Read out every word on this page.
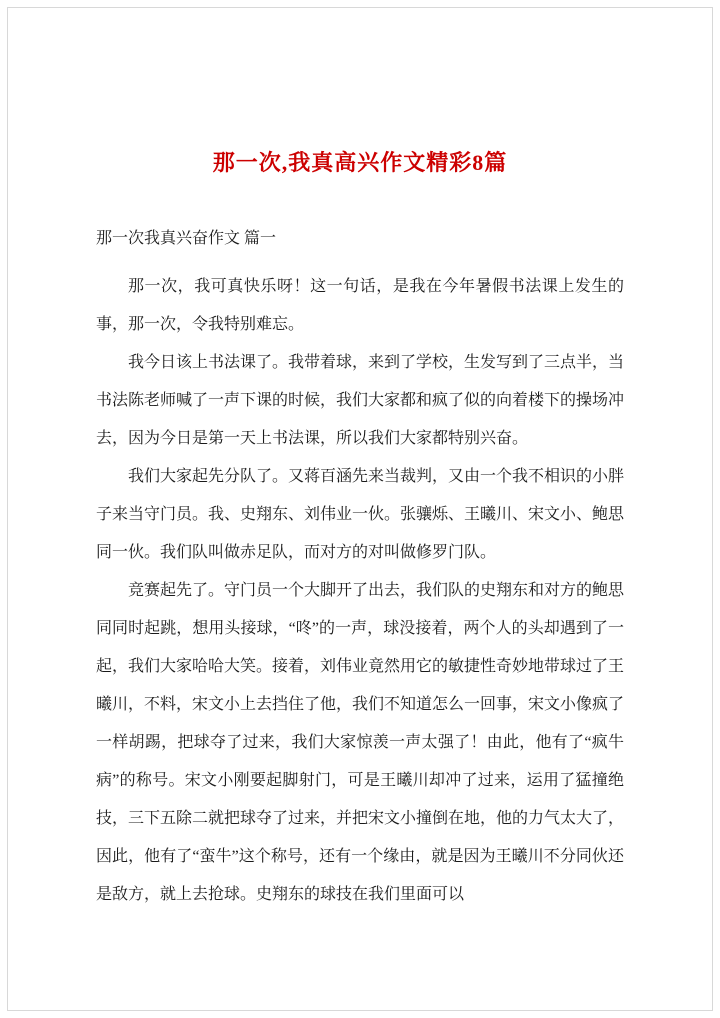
那一次,我真高兴作文精彩8篇

那一次我真兴奋作文 篇一

那一次，我可真快乐呀！这一句话，是我在今年暑假书法课上发生的事，那一次，令我特别难忘。

我今日该上书法课了。我带着球，来到了学校，生发写到了三点半，当书法陈老师喊了一声下课的时候，我们大家都和疯了似的向着楼下的操场冲去，因为今日是第一天上书法课，所以我们大家都特别兴奋。

我们大家起先分队了。又蒋百涵先来当裁判，又由一个我不相识的小胖子来当守门员。我、史翔东、刘伟业一伙。张骧烁、王曦川、宋文小、鲍思同一伙。我们队叫做赤足队，而对方的对叫做修罗门队。

竞赛起先了。守门员一个大脚开了出去，我们队的史翔东和对方的鲍思同同时起跳，想用头接球，“咚”的一声，球没接着，两个人的头却遇到了一起，我们大家哈哈大笑。接着，刘伟业竟然用它的敏捷性奇妙地带球过了王曦川，不料，宋文小上去挡住了他，我们不知道怎么一回事，宋文小像疯了一样胡踢，把球夺了过来，我们大家惊羡一声太强了！由此，他有了“疯牛病”的称号。宋文小刚要起脚射门，可是王曦川却冲了过来，运用了猛撞绝技，三下五除二就把球夺了过来，并把宋文小撞倒在地，他的力气太大了，因此，他有了“蛮牛”这个称号，还有一个缘由，就是因为王曦川不分同伙还是敌方，就上去抢球。史翔东的球技在我们里面可以
